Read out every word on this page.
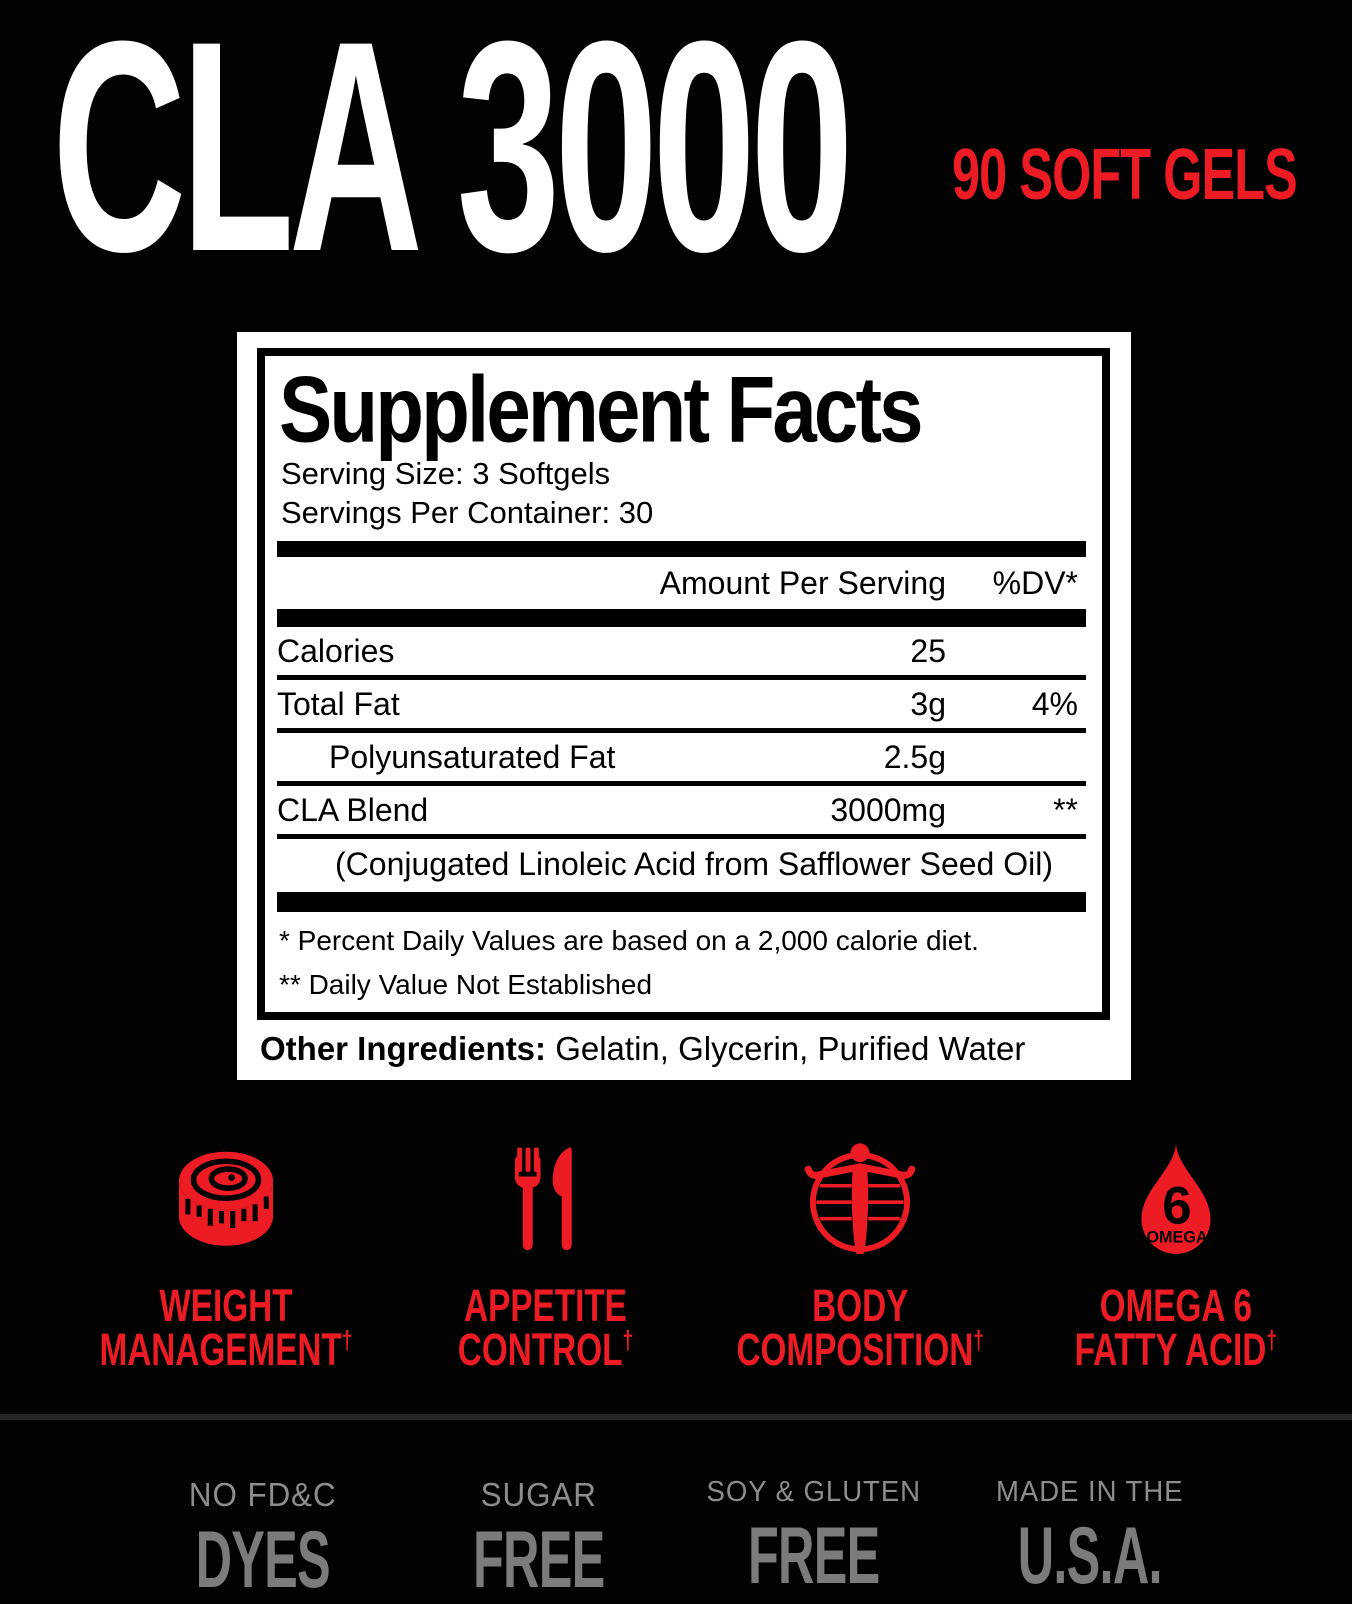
CLA 3000 90 SOFT GELS
Supplement Facts
Serving Size: 3 Softgels
Servings Per Container: 30
Amount Per Serving	%DV*
Calories	25
Total Fat	3g	4%
Polyunsaturated Fat	2.5g
CLA Blend	3000mg	**
(Conjugated Linoleic Acid from Safflower Seed Oil)
* Percent Daily Values are based on a 2,000 calorie diet.
** Daily Value Not Established
Other Ingredients: Gelatin, Glycerin, Purified Water
WEIGHT
MANAGEMENT†
APPETITE
CONTROL†
BODY
COMPOSITION†
6
OMEGA
OMEGA 6
FATTY ACID†
NO FD&C
DYES
SUGAR
FREE
SOY & GLUTEN
FREE
MADE IN THE
U.S.A.
